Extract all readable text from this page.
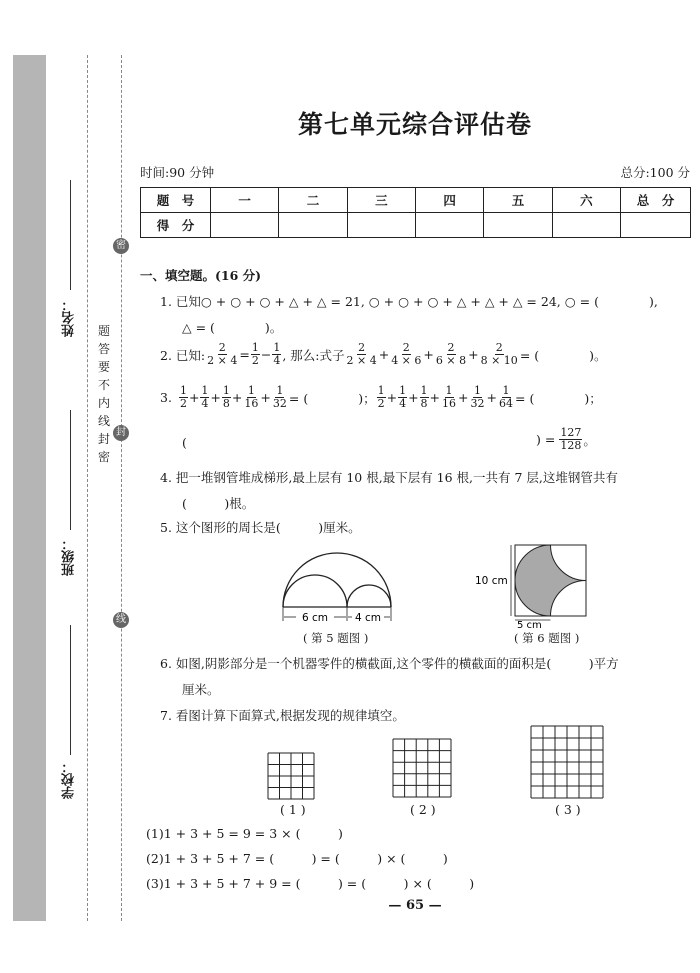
姓名：
班级：
学校：
密
封
线
题
答
要
不
内
线
封
密
第七单元综合评估卷
时间:90 分钟	总分:100 分
题　号	一	二	三	四	五	六	总　分
得　分							
一、填空题。(16 分)
1. 已知○ + ○ + ○ + △ + △ = 21, ○ + ○ + ○ + △ + △ + △ = 24, ○ = (　　　　),
△ = (　　　　)。
2. 已知: $\frac{2}{2 \times 4} = \frac{1}{2} - \frac{1}{4}$ , 那么:式子 $\frac{2}{2 \times 4} + \frac{2}{4 \times 6} + \frac{2}{6 \times 8} + \frac{2}{8 \times 10}$ = (　　　　)。
3. $\frac{1}{2} + \frac{1}{4} + \frac{1}{8} + \frac{1}{16} + \frac{1}{32}$ = (　　　　)； $\frac{1}{2} + \frac{1}{4} + \frac{1}{8} + \frac{1}{16} + \frac{1}{32} + \frac{1}{64}$ = (　　　　)；
(	) = $\frac{127}{128}$ 。
4. 把一堆钢管堆成梯形,最上层有 10 根,最下层有 16 根,一共有 7 层,这堆钢管共有
(　　　)根。
5. 这个图形的周长是(　　　)厘米。
6 cm	4 cm
( 第 5 题图 )
10 cm
5 cm
( 第 6 题图 )
6. 如图,阴影部分是一个机器零件的横截面,这个零件的横截面的面积是(　　　)平方
厘米。
7. 看图计算下面算式,根据发现的规律填空。
( 1 )	( 2 )	( 3 )
(1)1 + 3 + 5 = 9 = 3 × (　　　)
(2)1 + 3 + 5 + 7 = (　　　) = (　　　) × (　　　)
(3)1 + 3 + 5 + 7 + 9 = (　　　) = (　　　) × (　　　)
— 65 —
